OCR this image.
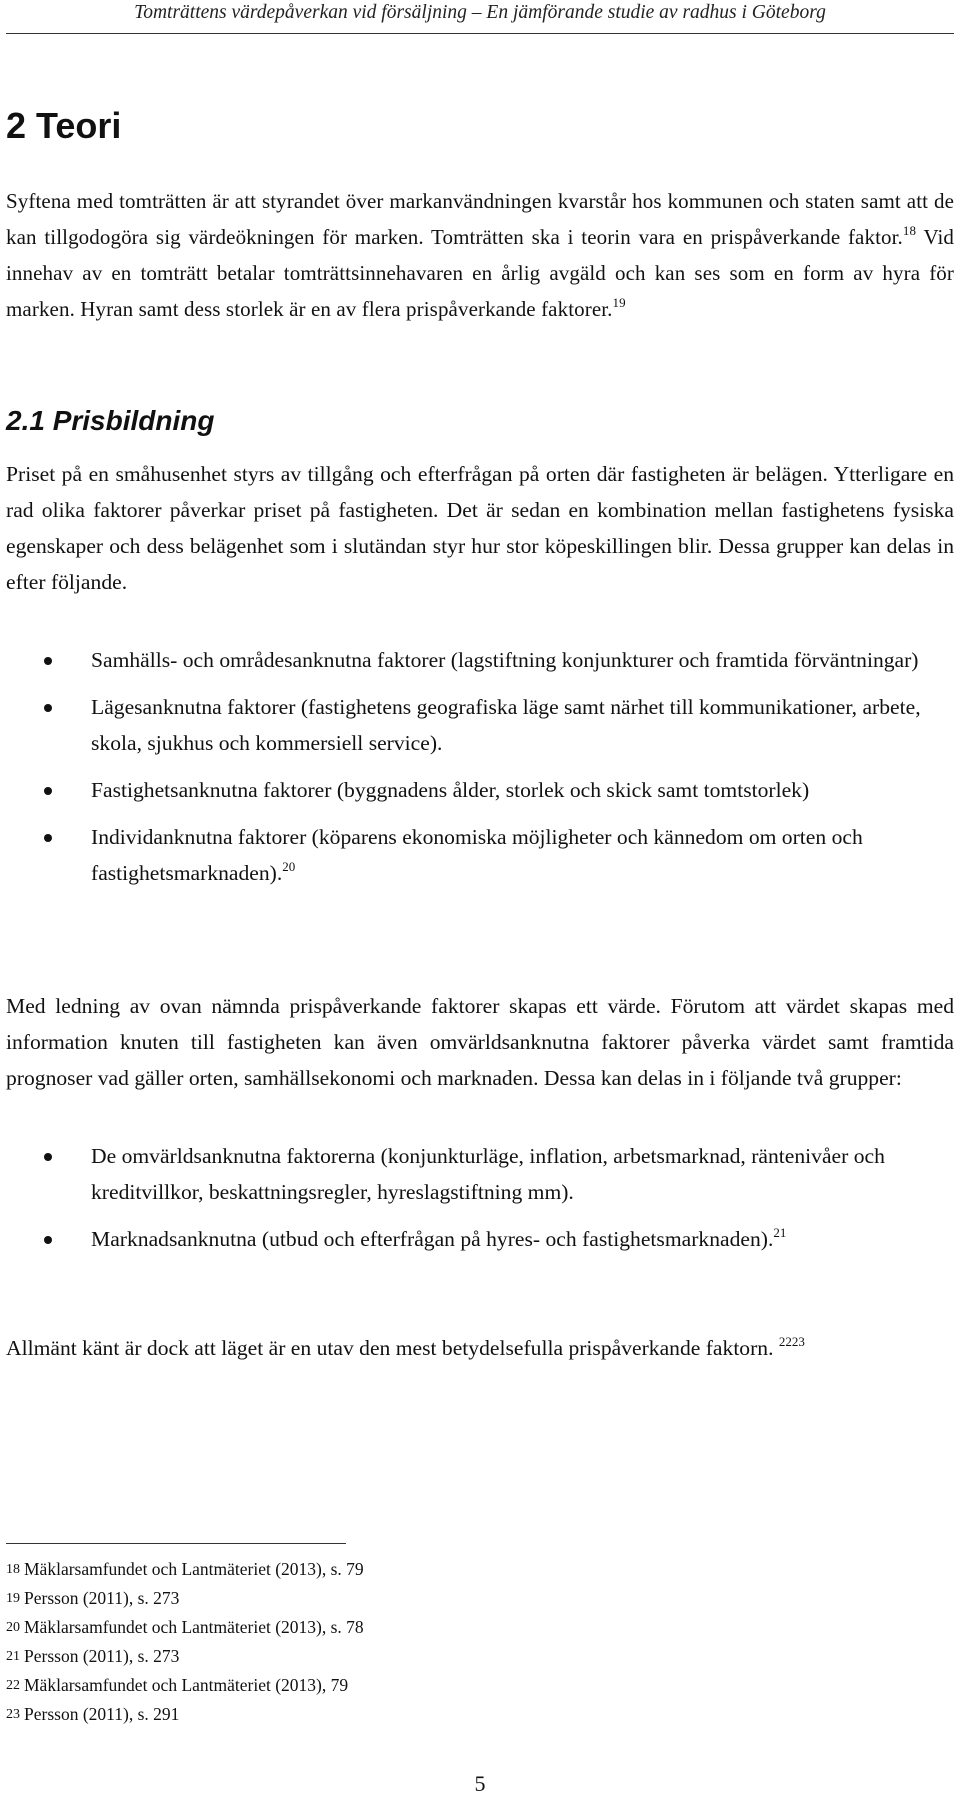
Tomträttens värdepåverkan vid försäljning – En jämförande studie av radhus i Göteborg
2 Teori

Syftena med tomträtten är att styrandet över markanvändningen kvarstår hos kommunen och staten samt att de kan tillgodogöra sig värdeökningen för marken. Tomträtten ska i teorin vara en prispåverkande faktor.$^{18}$ Vid innehav av en tomträtt betalar tomträttsinnehavaren en årlig avgäld och kan ses som en form av hyra för marken. Hyran samt dess storlek är en av flera prispåverkande faktorer.$^{19}$

2.1 Prisbildning

Priset på en småhusenhet styrs av tillgång och efterfrågan på orten där fastigheten är belägen. Ytterligare en rad olika faktorer påverkar priset på fastigheten. Det är sedan en kombination mellan fastighetens fysiska egenskaper och dess belägenhet som i slutändan styr hur stor köpeskillingen blir. Dessa grupper kan delas in efter följande.

Samhälls- och områdesanknutna faktorer (lagstiftning konjunkturer och framtida förväntningar)
Lägesanknutna faktorer (fastighetens geografiska läge samt närhet till kommunikationer, arbete, skola, sjukhus och kommersiell service).
Fastighetsanknutna faktorer (byggnadens ålder, storlek och skick samt tomtstorlek)
Individanknutna faktorer (köparens ekonomiska möjligheter och kännedom om orten och fastighetsmarknaden).$^{20}$

Med ledning av ovan nämnda prispåverkande faktorer skapas ett värde. Förutom att värdet skapas med information knuten till fastigheten kan även omvärldsanknutna faktorer påverka värdet samt framtida prognoser vad gäller orten, samhällsekonomi och marknaden. Dessa kan delas in i följande två grupper:

De omvärldsanknutna faktorerna (konjunkturläge, inflation, arbetsmarknad, räntenivåer och kreditvillkor, beskattningsregler, hyreslagstiftning mm).
Marknadsanknutna (utbud och efterfrågan på hyres- och fastighetsmarknaden).$^{21}$

Allmänt känt är dock att läget är en utav den mest betydelsefulla prispåverkande faktorn. $^{2223}$

18 Mäklarsamfundet och Lantmäteriet (2013), s. 79
19 Persson (2011), s. 273
20 Mäklarsamfundet och Lantmäteriet (2013), s. 78
21 Persson (2011), s. 273
22 Mäklarsamfundet och Lantmäteriet (2013), 79
23 Persson (2011), s. 291
5
